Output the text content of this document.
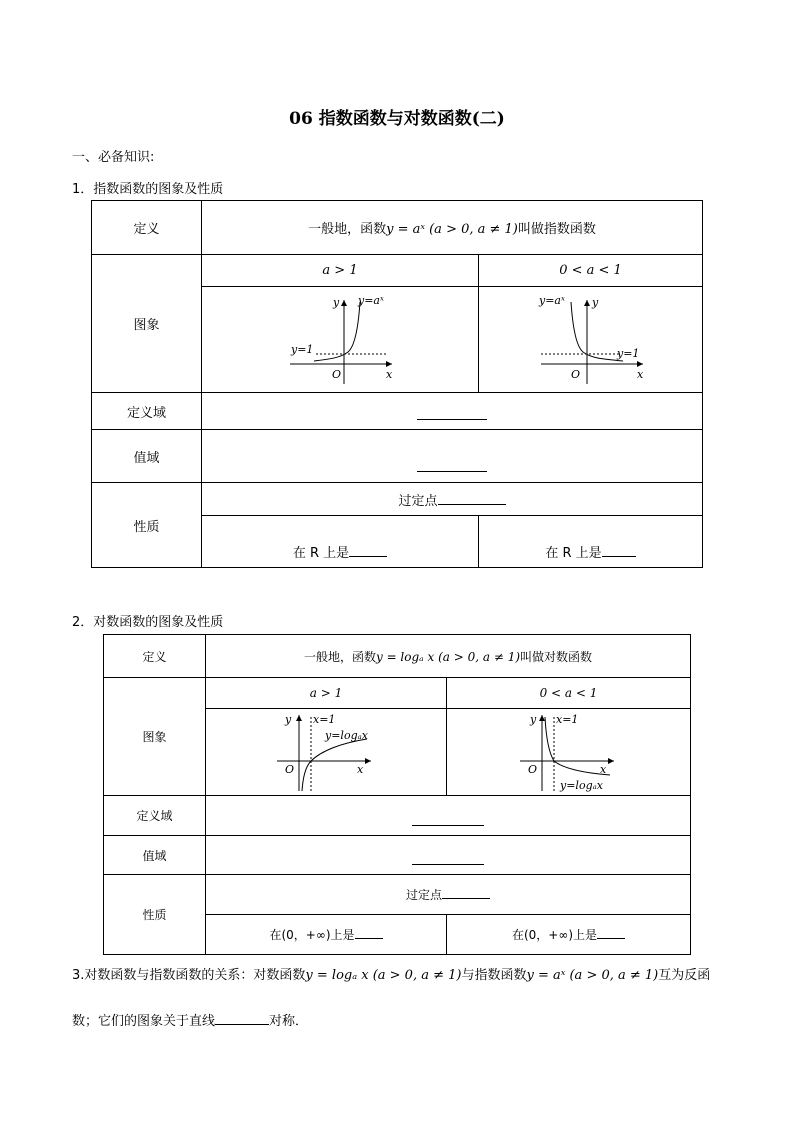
06 指数函数与对数函数(二)
一、必备知识:
1．指数函数的图象及性质
定义	一般地，函数y = aˣ (a > 0, a ≠ 1)叫做指数函数	
图象	a > 1	0 < a < 1

y y=aˣ
y=1
O x	y
y=aˣ
y=1
O x

定义域		
值域		
性质	过定点	
	在 R 上是	在 R 上是
2．对数函数的图象及性质
定义	一般地，函数y = logₐ x (a > 0, a ≠ 1)叫做对数函数	
图象	a > 1	0 < a < 1

y x=1
y=logₐx
O x	y x=1
y=logₐx
O x

定义域		
值域		
性质	过定点	
	在(0，+∞)上是	在(0，+∞)上是
3.对数函数与指数函数的关系：对数函数y = logₐ x (a > 0, a ≠ 1)与指数函数y = aˣ (a > 0, a ≠ 1)互为反函数；它们的图象关于直线	对称．
